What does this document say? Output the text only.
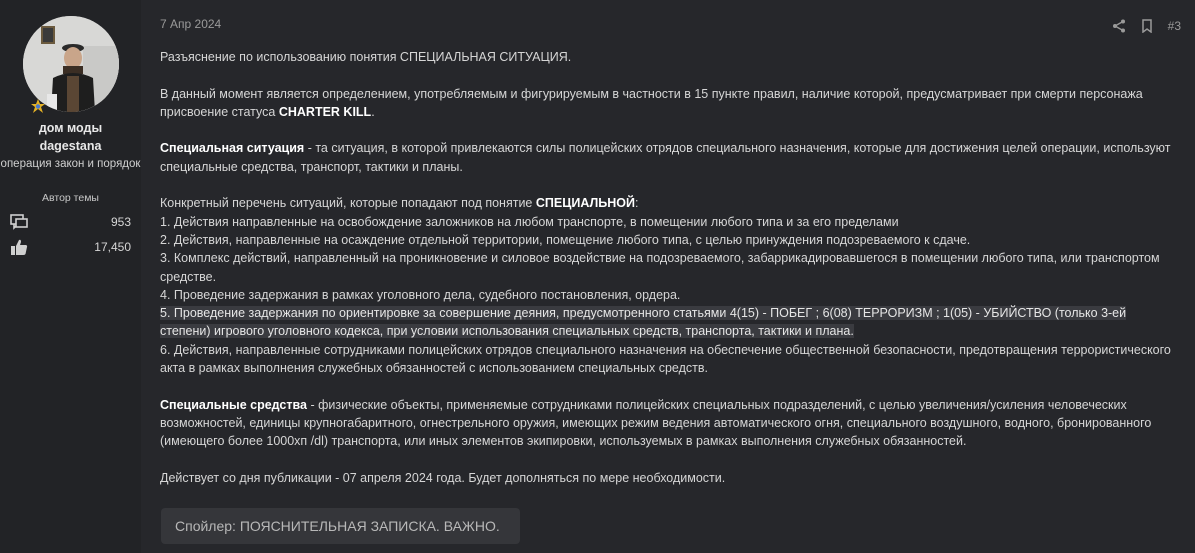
дом моды
dagestana
операция закон и порядок
Автор темы
953
17,450
7 Апр 2024	#3

Разъяснение по использованию понятия СПЕЦИАЛЬНАЯ СИТУАЦИЯ.

В данный момент является определением, употребляемым и фигурируемым в частности в 15 пункте правил, наличие которой, предусматривает при смерти персонажа присвоение статуса CHARTER KILL.

Специальная ситуация - та ситуация, в которой привлекаются силы полицейских отрядов специального назначения, которые для достижения целей операции, используют специальные средства, транспорт, тактики и планы.

Конкретный перечень ситуаций, которые попадают под понятие СПЕЦИАЛЬНОЙ:
1. Действия направленные на освобождение заложников на любом транспорте, в помещении любого типа и за его пределами
2. Действия, направленные на осаждение отдельной территории, помещение любого типа, с целью принуждения подозреваемого к сдаче.
3. Комплекс действий, направленный на проникновение и силовое воздействие на подозреваемого, забаррикадировавшегося в помещении любого типа, или транспортом средстве.
4. Проведение задержания в рамках уголовного дела, судебного постановления, ордера.
5. Проведение задержания по ориентировке за совершение деяния, предусмотренного статьями 4(15) - ПОБЕГ ; 6(08) ТЕРРОРИЗМ ; 1(05) - УБИЙСТВО (только 3-ей степени) игрового уголовного кодекса, при условии использования специальных средств, транспорта, тактики и плана.
6. Действия, направленные сотрудниками полицейских отрядов специального назначения на обеспечение общественной безопасности, предотвращения террористического акта в рамках выполнения служебных обязанностей с использованием специальных средств.

Специальные средства - физические объекты, применяемые сотрудниками полицейских специальных подразделений, с целью увеличения/усиления человеческих возможностей, единицы крупногабаритного, огнестрельного оружия, имеющих режим ведения автоматического огня, специального воздушного, водного, бронированного (имеющего более 1000хп /dl) транспорта, или иных элементов экипировки, используемых в рамках выполнения служебных обязанностей.

Действует со дня публикации - 07 апреля 2024 года. Будет дополняться по мере необходимости.

Спойлер: ПОЯСНИТЕЛЬНАЯ ЗАПИСКА. ВАЖНО.
